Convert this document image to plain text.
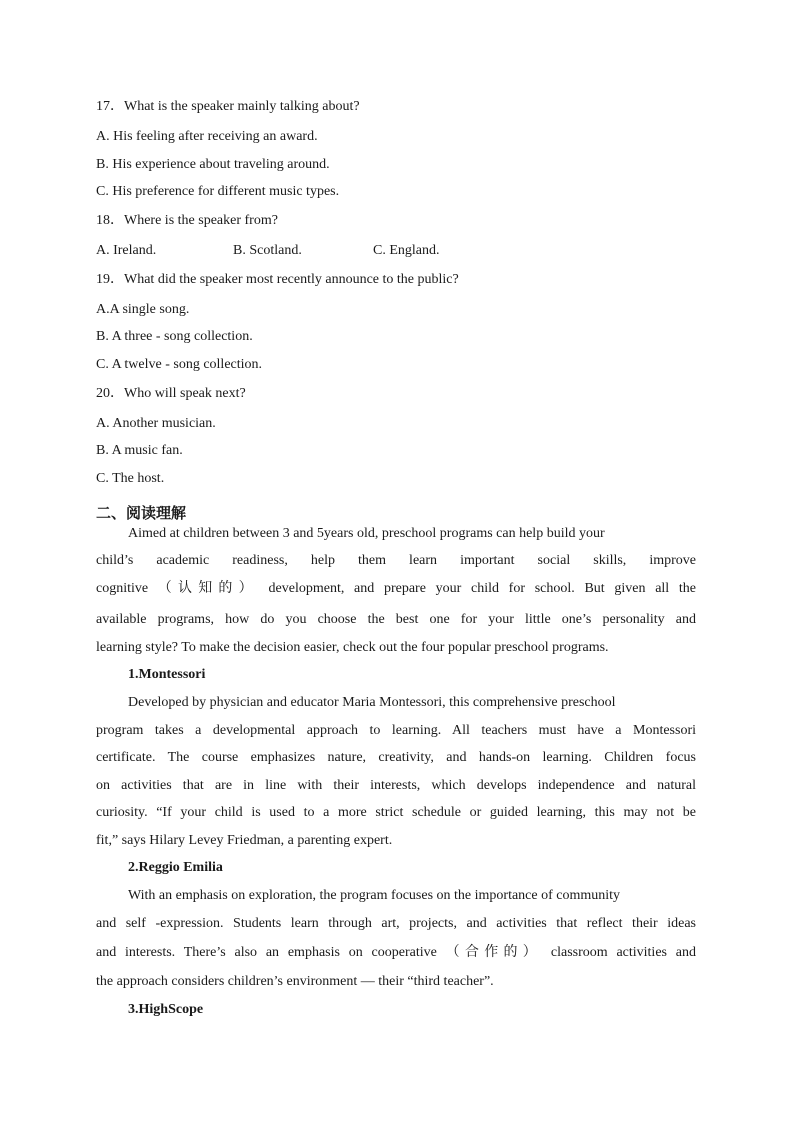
17．What is the speaker mainly talking about?
A. His feeling after receiving an award.
B. His experience about traveling around.
C. His preference for different music types.
18．Where is the speaker from?

A. Ireland.

	B. Scotland.

	C. England.

19．What did the speaker most recently announce to the public?
A.A single song.
B. A three - song collection.
C. A twelve - song collection.
20．Who will speak next?
A. Another musician.
B. A music fan.
C. The host.
二、阅读理解
Aimed at children between 3 and 5years old, preschool programs can help build your
child’s academic readiness, help them learn important social skills, improve
cognitive （认知的） development, and prepare your child for school. But given all the
available programs, how do you choose the best one for your little one’s personality and
learning style? To make the decision easier, check out the four popular preschool programs.
1.Montessori
Developed by physician and educator Maria Montessori, this comprehensive preschool
program takes a developmental approach to learning. All teachers must have a Montessori
certificate. The course emphasizes nature, creativity, and hands-on learning. Children focus
on activities that are in line with their interests, which develops independence and natural
curiosity. “If your child is used to a more strict schedule or guided learning, this may not be
fit,” says Hilary Levey Friedman, a parenting expert.
2.Reggio Emilia
With an emphasis on exploration, the program focuses on the importance of community
and self -expression. Students learn through art, projects, and activities that reflect their ideas
and interests. There’s also an emphasis on cooperative （合作的） classroom activities and
the approach considers children’s environment — their “third teacher”.
3.HighScope
